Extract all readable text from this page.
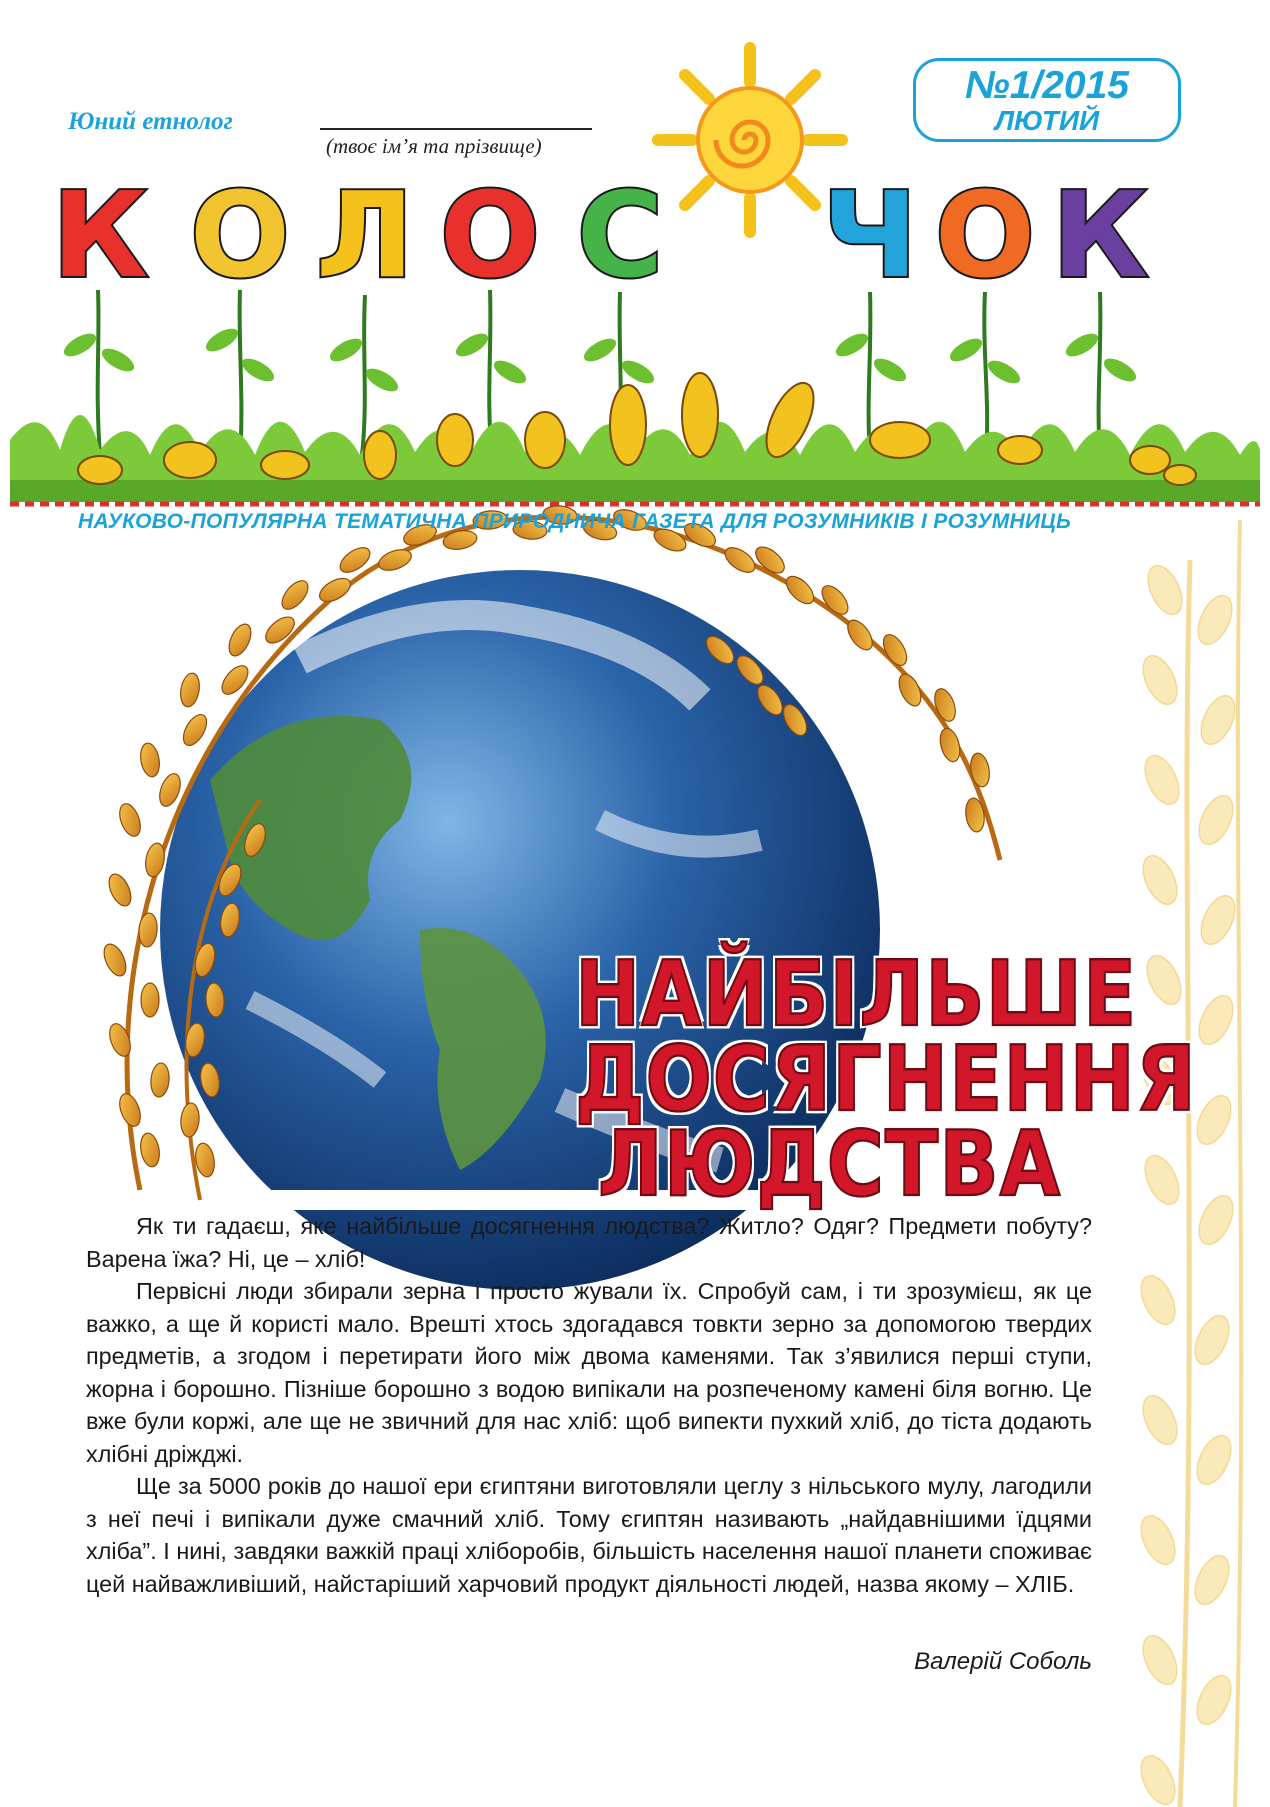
Юний етнолог
(твоє ім’я та прізвище)
№1/2015
ЛЮТИЙ
К О Л О С Ч О К
НАУКОВО-ПОПУЛЯРНА ТЕМАТИЧНА ПРИРОДНИЧА ГАЗЕТА ДЛЯ РОЗУМНИКІВ І РОЗУМНИЦЬ
НАЙБІЛЬШЕ
ДОСЯГНЕННЯ
ЛЮДСТВА

Як ти гадаєш, яке найбільше досягнення людства? Житло? Одяг? Предмети побуту? Варена їжа? Ні, це – хліб!

Первісні люди збирали зерна і просто жували їх. Спробуй сам, і ти зрозумієш, як це важко, а ще й користі мало. Врешті хтось здогадався товкти зерно за допомогою твердих предметів, а згодом і перетирати його між двома каменями. Так з’явилися перші ступи, жорна і борошно. Пізніше борошно з водою випікали на розпеченому камені біля вогню. Це вже були коржі, але ще не звичний для нас хліб: щоб випекти пухкий хліб, до тіста додають хлібні дріжджі.

Ще за 5000 років до нашої ери єгиптяни виготовляли цеглу з нільського мулу, лагодили з неї печі і випікали дуже смачний хліб. Тому єгиптян називають „найдавнішими їдцями хліба”. І нині, завдяки важкій праці хліборобів, більшість населення нашої планети споживає цей найважливіший, найстаріший харчовий продукт діяльності людей, назва якому – ХЛІБ.

Валерій Соболь
